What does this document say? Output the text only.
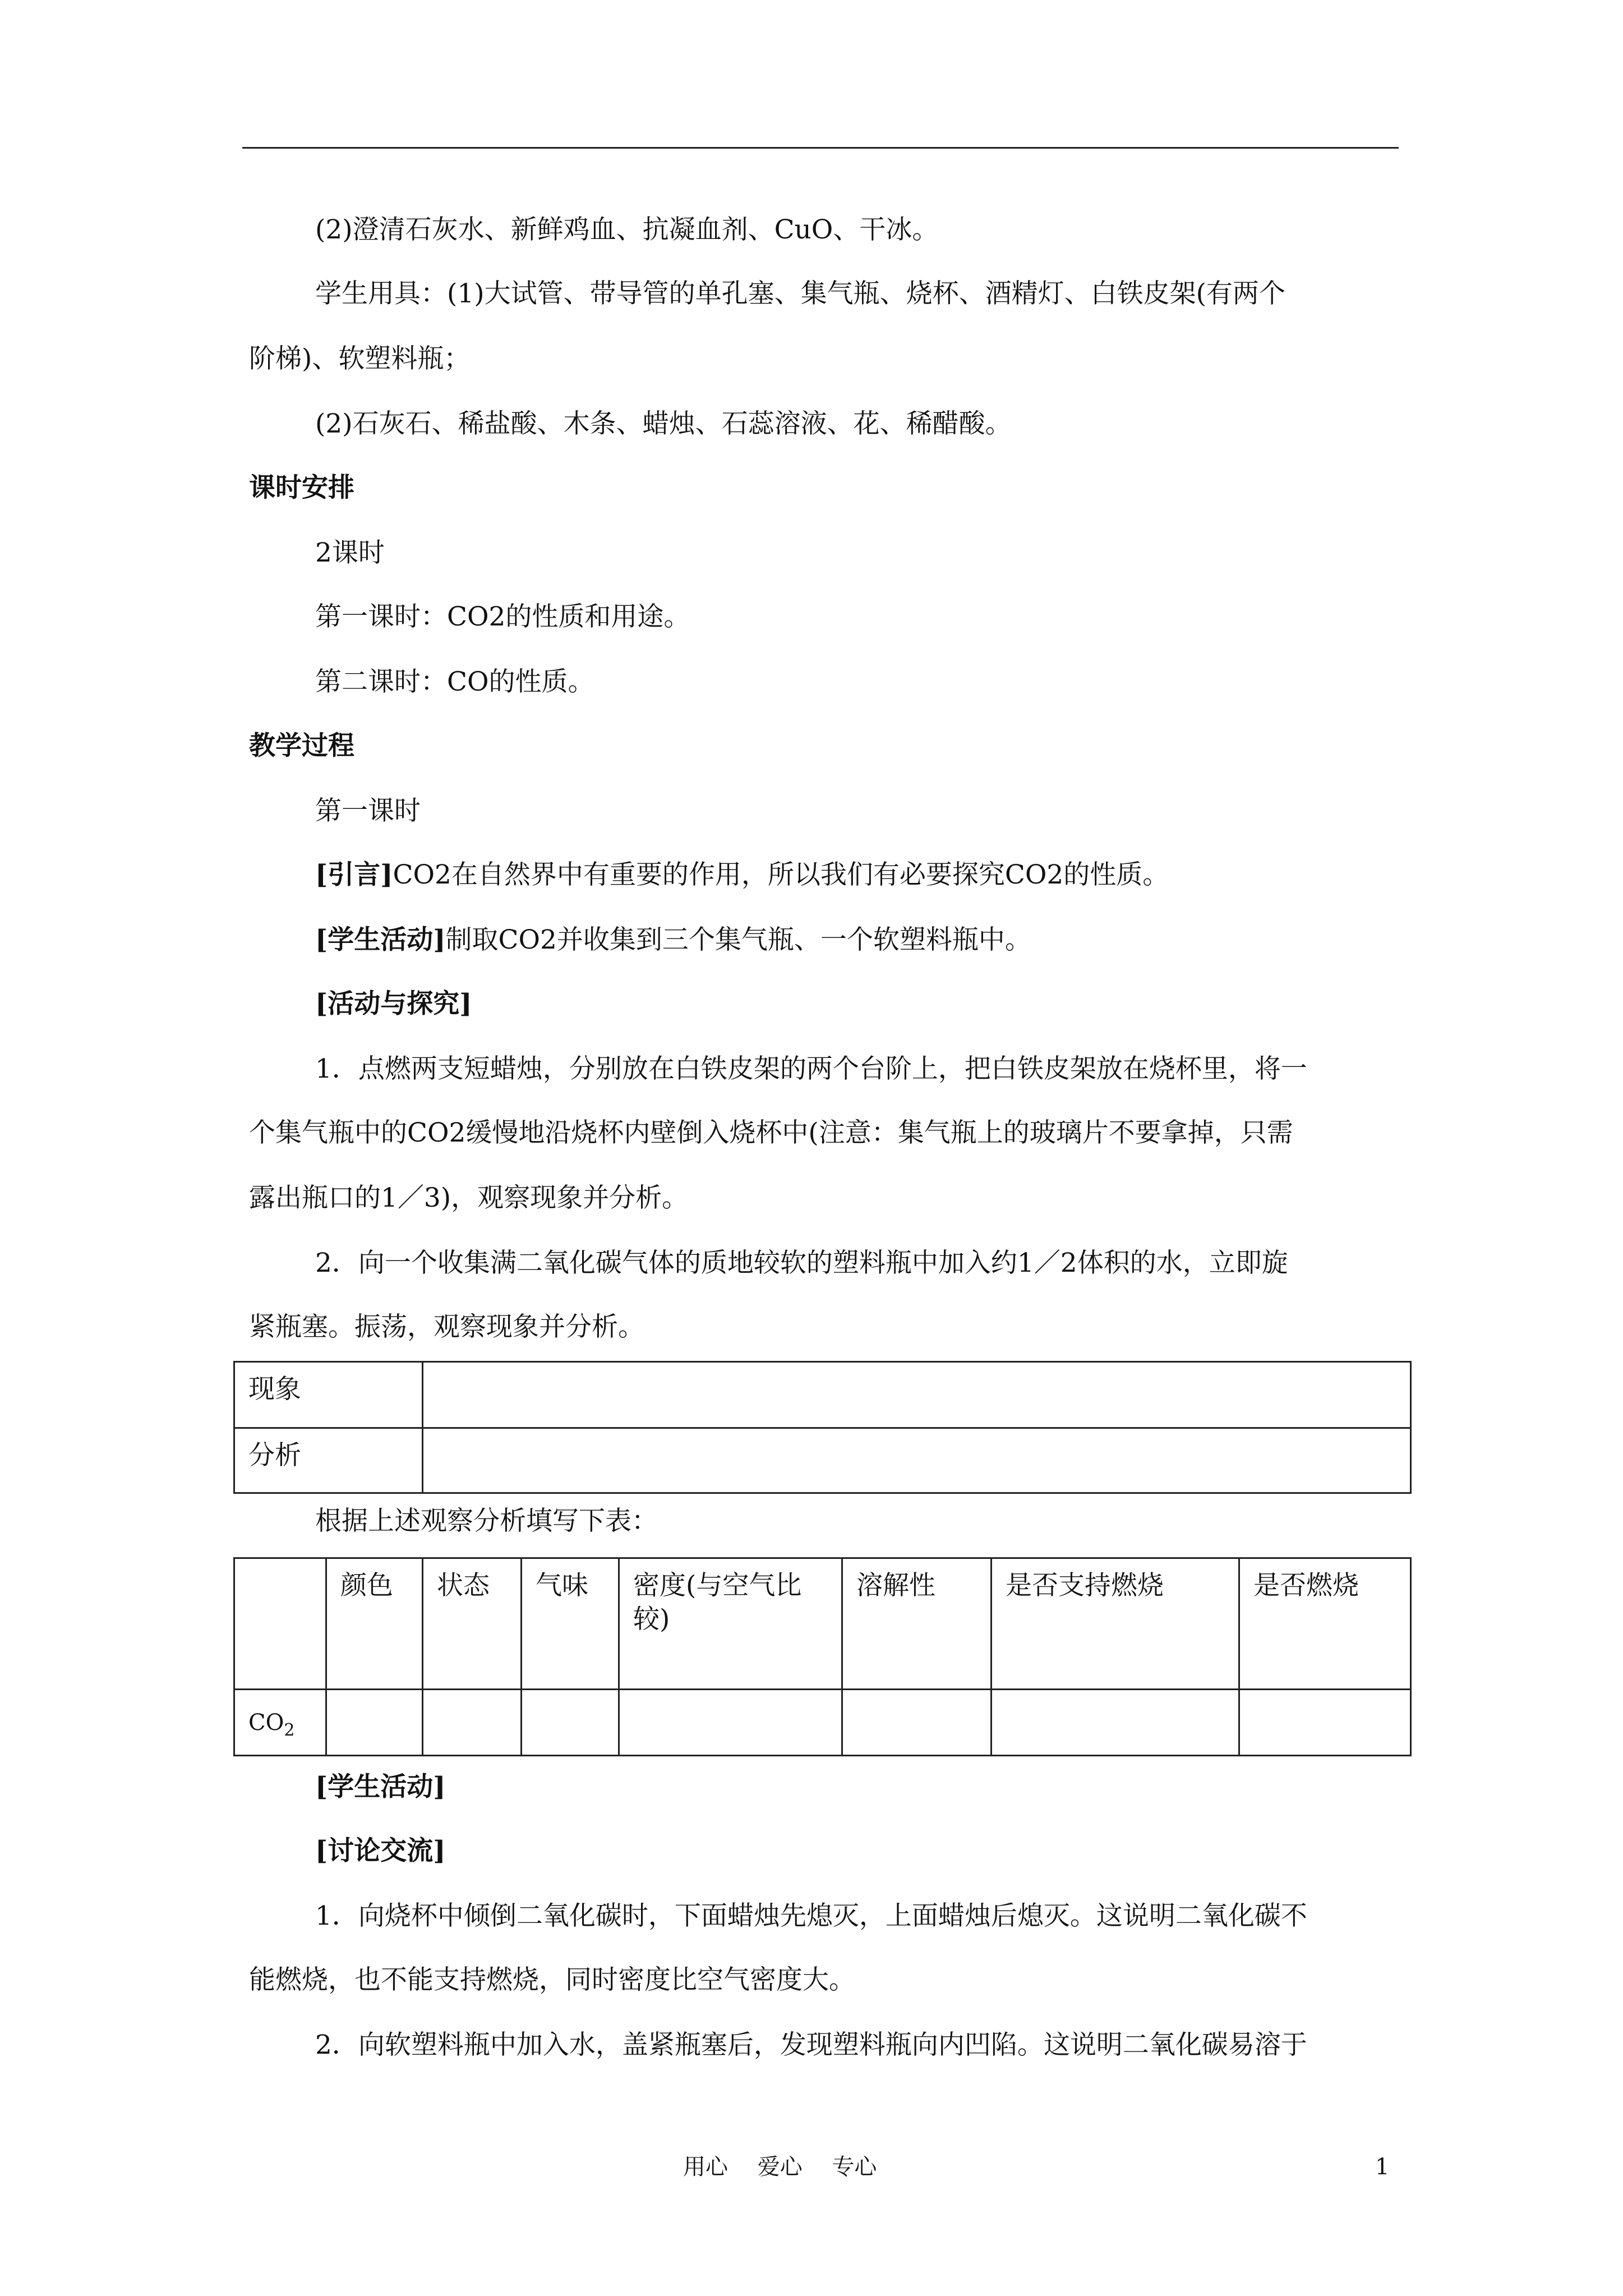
(2)澄清石灰水、新鲜鸡血、抗凝血剂、CuO、干冰。
学生用具：(1)大试管、带导管的单孔塞、集气瓶、烧杯、酒精灯、白铁皮架(有两个
阶梯)、软塑料瓶；
(2)石灰石、稀盐酸、木条、蜡烛、石蕊溶液、花、稀醋酸。
课时安排
2课时
第一课时：CO2的性质和用途。
第二课时：CO的性质。
教学过程
第一课时
[引言]CO2在自然界中有重要的作用，所以我们有必要探究CO2的性质。
[学生活动]制取CO2并收集到三个集气瓶、一个软塑料瓶中。
[活动与探究]
1．点燃两支短蜡烛，分别放在白铁皮架的两个台阶上，把白铁皮架放在烧杯里，将一
个集气瓶中的CO2缓慢地沿烧杯内壁倒入烧杯中(注意：集气瓶上的玻璃片不要拿掉，只需
露出瓶口的1／3)，观察现象并分析。
2．向一个收集满二氧化碳气体的质地较软的塑料瓶中加入约1／2体积的水，立即旋
紧瓶塞。振荡，观察现象并分析。
现象	
分析	
根据上述观察分析填写下表：
	颜色	状态	气味	密度(与空气比较)	溶解性	是否支持燃烧	是否燃烧
$CO_2$							
[学生活动]
[讨论交流]
1．向烧杯中倾倒二氧化碳时，下面蜡烛先熄灭，上面蜡烛后熄灭。这说明二氧化碳不
能燃烧，也不能支持燃烧，同时密度比空气密度大。
2．向软塑料瓶中加入水，盖紧瓶塞后，发现塑料瓶向内凹陷。这说明二氧化碳易溶于
用心　 爱心　 专心	1
